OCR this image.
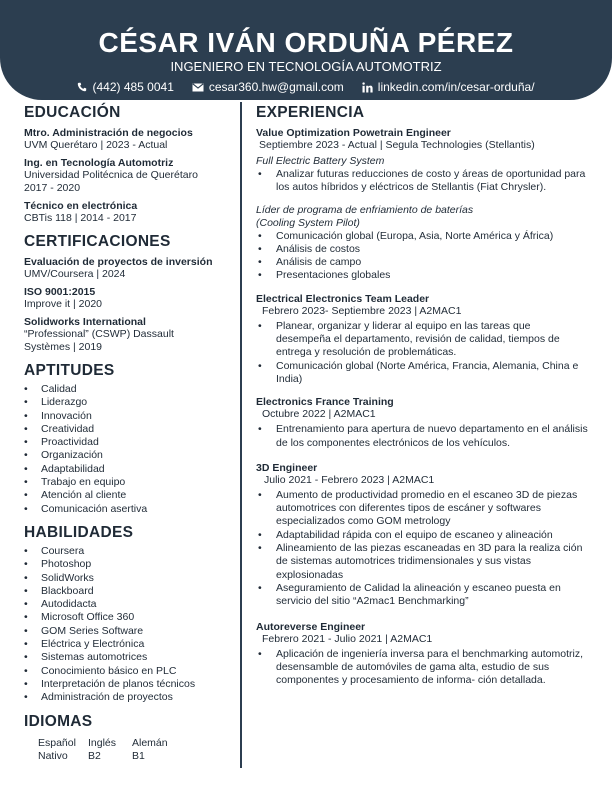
CÉSAR IVÁN ORDUÑA PÉREZ
INGENIERO EN TECNOLOGÍA AUTOMOTRIZ
(442) 485 0041	cesar360.hw@gmail.com	linkedin.com/in/cesar-orduña/
EDUCACIÓN
Mtro. Administración de negocios
UVM Querétaro | 2023 - Actual
Ing. en Tecnología Automotriz
Universidad Politécnica de Querétaro
2017 - 2020
Técnico en electrónica
CBTis 118 | 2014 - 2017
CERTIFICACIONES
Evaluación de proyectos de inversión
UMV/Coursera | 2024
ISO 9001:2015
Improve it | 2020
Solidworks International
“Professional” (CSWP) Dassault
Systèmes | 2019
APTITUDES
• Calidad
• Liderazgo
• Innovación
• Creatividad
• Proactividad
• Organización
• Adaptabilidad
• Trabajo en equipo
• Atención al cliente
• Comunicación asertiva
HABILIDADES
• Coursera
• Photoshop
• SolidWorks
• Blackboard
• Autodidacta
• Microsoft Office 360
• GOM Series Software
• Eléctrica y Electrónica
• Sistemas automotrices
• Conocimiento básico en PLC
• Interpretación de planos técnicos
• Administración de proyectos
IDIOMAS
Español	Inglés	Alemán
Nativo	B2	B1
EXPERIENCIA
Value Optimization Powetrain Engineer
Septiembre 2023 - Actual | Segula Technologies (Stellantis)
Full Electric Battery System
• Analizar futuras reducciones de costo y áreas de oportunidad para los autos híbridos y eléctricos de Stellantis (Fiat Chrysler).
Líder de programa de enfriamiento de baterías
(Cooling System Pilot)
• Comunicación global (Europa, Asia, Norte América y África)
• Análisis de costos
• Análisis de campo
• Presentaciones globales
Electrical Electronics Team Leader
Febrero 2023- Septiembre 2023 | A2MAC1
• Planear, organizar y liderar al equipo en las tareas que desempeña el departamento, revisión de calidad, tiempos de entrega y resolución de problemáticas.
• Comunicación global (Norte América, Francia, Alemania, China e India)
Electronics France Training
Octubre 2022 | A2MAC1
• Entrenamiento para apertura de nuevo departamento en el análisis de los componentes electrónicos de los vehículos.
3D Engineer
Julio 2021 - Febrero 2023 | A2MAC1
• Aumento de productividad promedio en el escaneo 3D de piezas automotrices con diferentes tipos de escáner y softwares especializados como GOM metrology
• Adaptabilidad rápida con el equipo de escaneo y alineación
• Alineamiento de las piezas escaneadas en 3D para la realiza ción de sistemas automotrices tridimensionales y sus vistas explosionadas
• Aseguramiento de Calidad la alineación y escaneo puesta en servicio del sitio “A2mac1 Benchmarking”
Autoreverse Engineer
Febrero 2021 - Julio 2021 | A2MAC1
• Aplicación de ingeniería inversa para el benchmarking automotriz, desensamble de automóviles de gama alta, estudio de sus componentes y procesamiento de informa- ción detallada.
